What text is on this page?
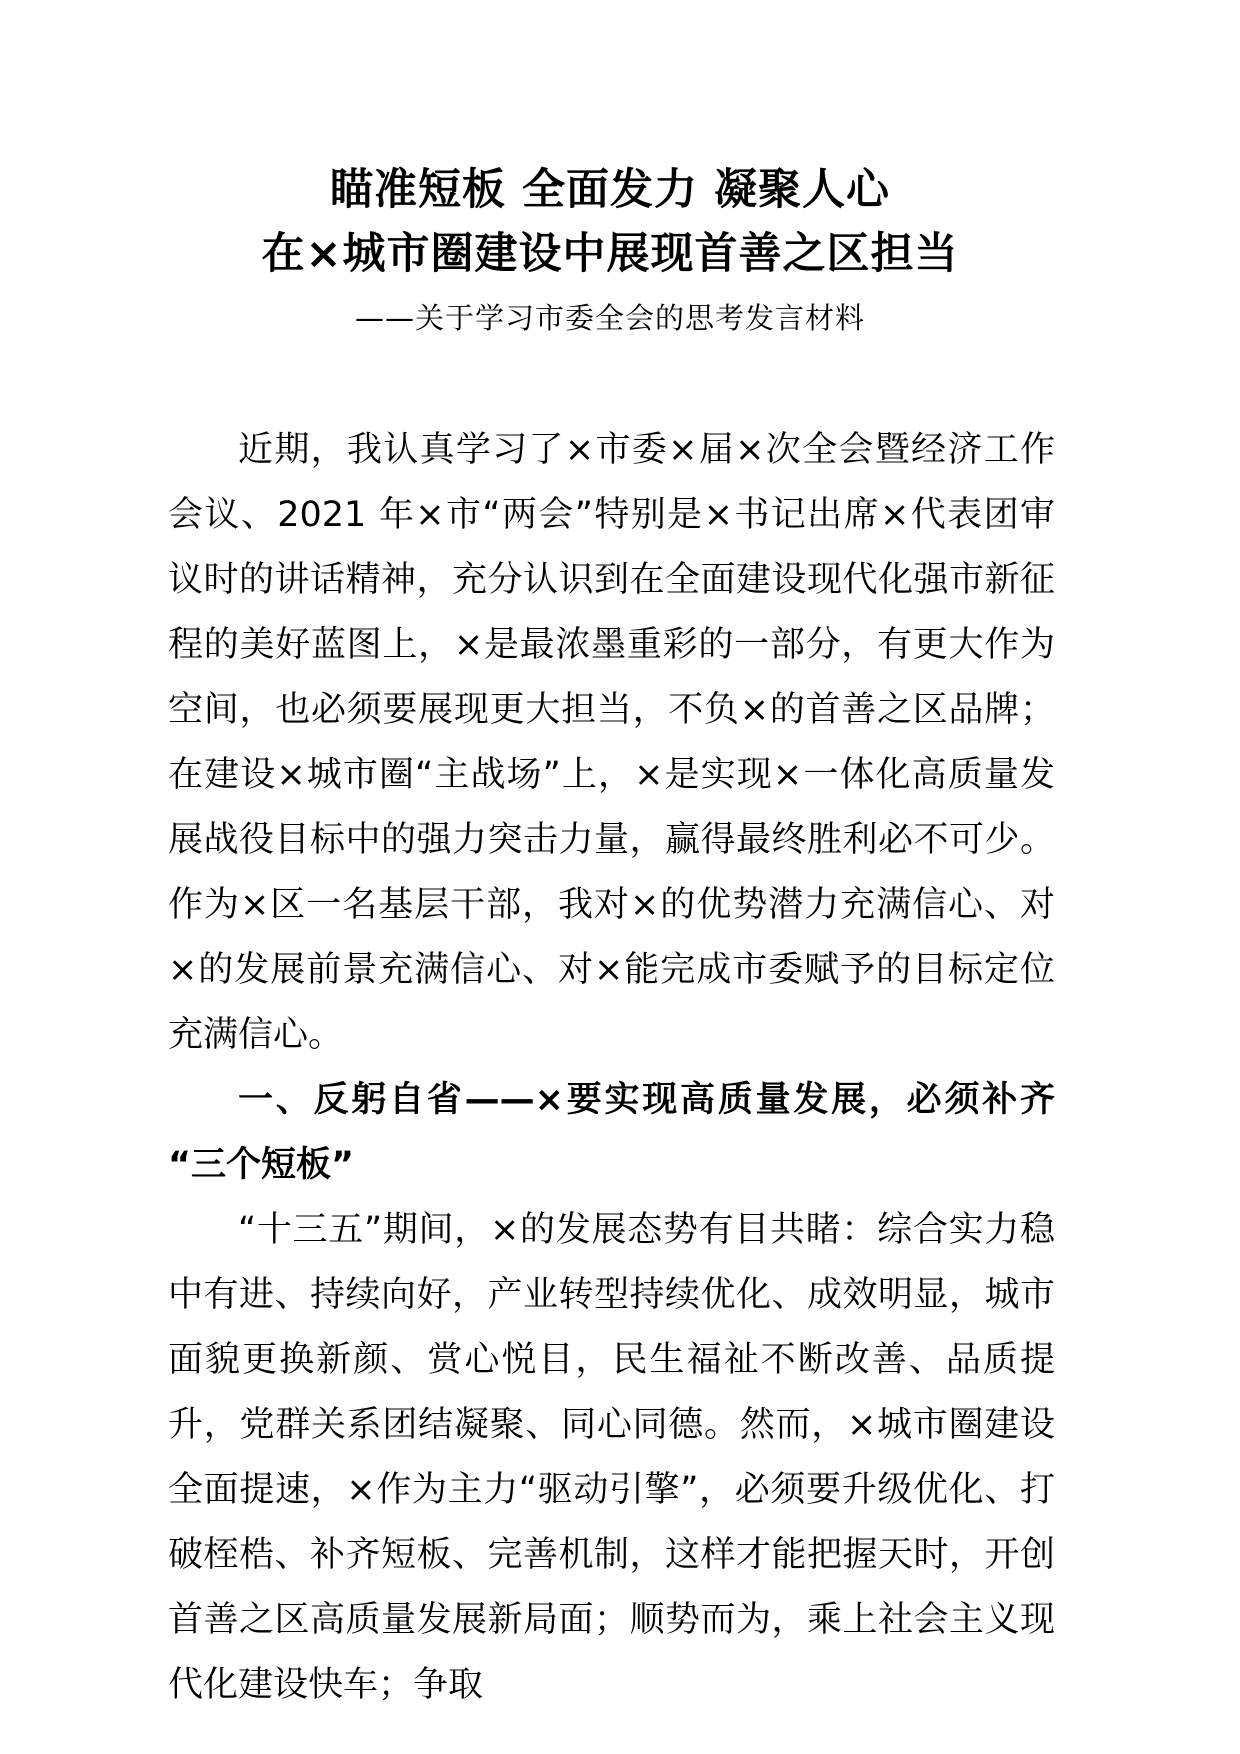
瞄准短板 全面发力 凝聚人心
在×城市圈建设中展现首善之区担当
——关于学习市委全会的思考发言材料

近期，我认真学习了×市委×届×次全会暨经济工作会议、2021 年×市“两会”特别是×书记出席×代表团审议时的讲话精神，充分认识到在全面建设现代化强市新征程的美好蓝图上，×是最浓墨重彩的一部分，有更大作为空间，也必须要展现更大担当，不负×的首善之区品牌；在建设×城市圈“主战场”上，×是实现×一体化高质量发展战役目标中的强力突击力量，赢得最终胜利必不可少。作为×区一名基层干部，我对×的优势潜力充满信心、对×的发展前景充满信心、对×能完成市委赋予的目标定位充满信心。

一、反躬自省——×要实现高质量发展，必须补齐“三个短板”

“十三五”期间，×的发展态势有目共睹：综合实力稳中有进、持续向好，产业转型持续优化、成效明显，城市面貌更换新颜、赏心悦目，民生福祉不断改善、品质提升，党群关系团结凝聚、同心同德。然而，×城市圈建设全面提速，×作为主力“驱动引擎”，必须要升级优化、打破桎梏、补齐短板、完善机制，这样才能把握天时，开创首善之区高质量发展新局面；顺势而为，乘上社会主义现代化建设快车；争取
